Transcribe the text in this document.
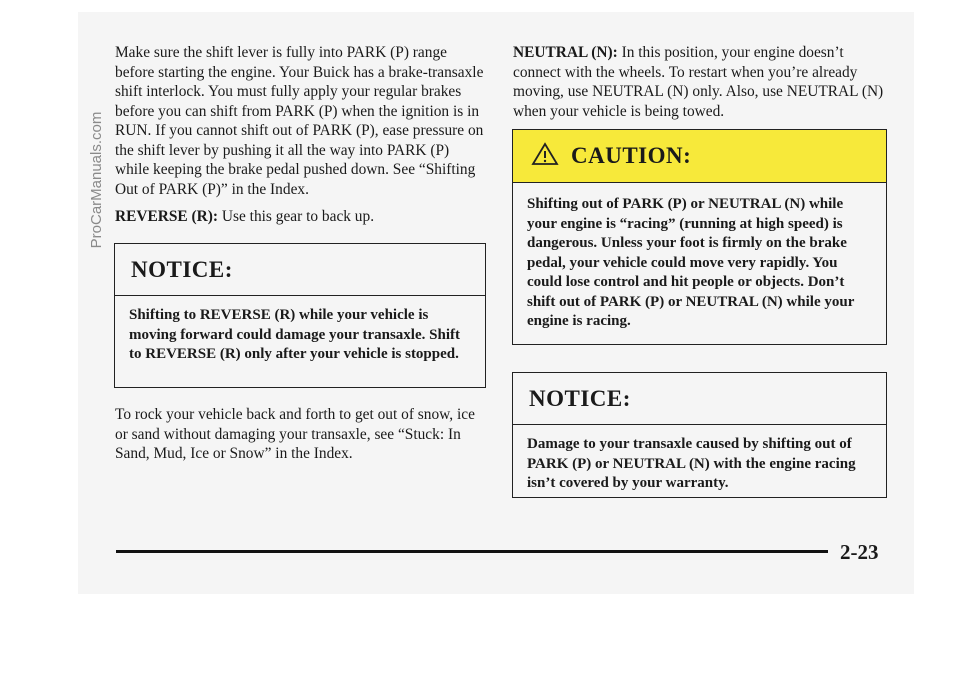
ProCarManuals.com

Make sure the shift lever is fully into PARK (P) range before starting the engine. Your Buick has a brake-transaxle shift interlock. You must fully apply your regular brakes before you can shift from PARK (P) when the ignition is in RUN. If you cannot shift out of PARK (P), ease pressure on the shift lever by pushing it all the way into PARK (P) while keeping the brake pedal pushed down. See “Shifting Out of PARK (P)” in the Index.

REVERSE (R): Use this gear to back up.

NOTICE:
Shifting to REVERSE (R) while your vehicle is moving forward could damage your transaxle. Shift to REVERSE (R) only after your vehicle is stopped.

To rock your vehicle back and forth to get out of snow, ice or sand without damaging your transaxle, see “Stuck: In Sand, Mud, Ice or Snow” in the Index.

NEUTRAL (N): In this position, your engine doesn’t connect with the wheels. To restart when you’re already moving, use NEUTRAL (N) only. Also, use NEUTRAL (N) when your vehicle is being towed.

CAUTION:
Shifting out of PARK (P) or NEUTRAL (N) while your engine is “racing” (running at high speed) is dangerous. Unless your foot is firmly on the brake pedal, your vehicle could move very rapidly. You could lose control and hit people or objects. Don’t shift out of PARK (P) or NEUTRAL (N) while your engine is racing.
NOTICE:
Damage to your transaxle caused by shifting out of PARK (P) or NEUTRAL (N) with the engine racing isn’t covered by your warranty.
2-23
